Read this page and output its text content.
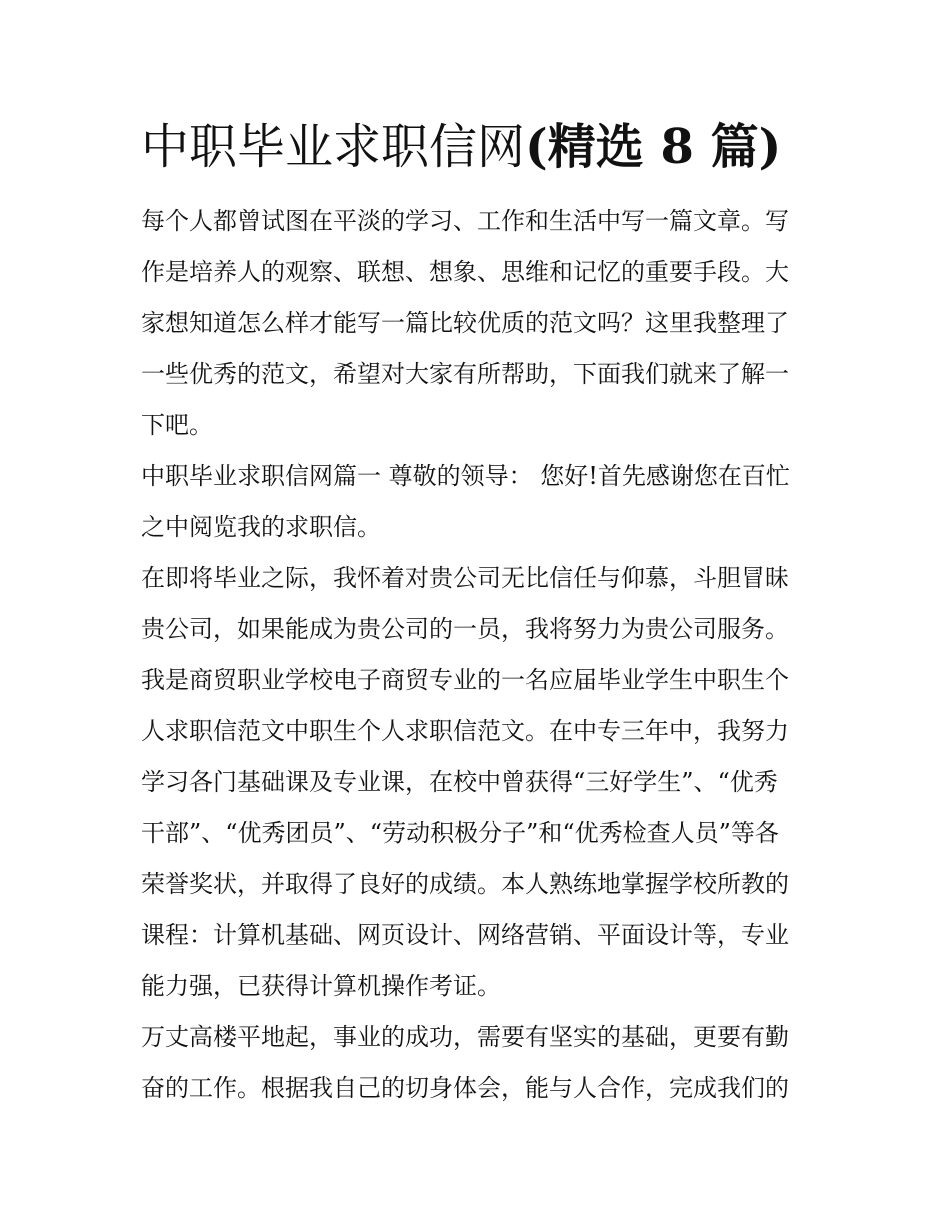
中职毕业求职信网(精选 8 篇)

每个人都曾试图在平淡的学习、工作和生活中写一篇文章。写
作是培养人的观察、联想、想象、思维和记忆的重要手段。大
家想知道怎么样才能写一篇比较优质的范文吗？这里我整理了
一些优秀的范文，希望对大家有所帮助，下面我们就来了解一
下吧。

中职毕业求职信网篇一 尊敬的领导： 您好!首先感谢您在百忙
之中阅览我的求职信。

在即将毕业之际，我怀着对贵公司无比信任与仰慕，斗胆冒昧
贵公司，如果能成为贵公司的一员，我将努力为贵公司服务。
我是商贸职业学校电子商贸专业的一名应届毕业学生中职生个
人求职信范文中职生个人求职信范文。在中专三年中，我努力
学习各门基础课及专业课，在校中曾获得“三好学生”、“优秀
干部”、“优秀团员”、“劳动积极分子”和“优秀检查人员”等各
荣誉奖状，并取得了良好的成绩。本人熟练地掌握学校所教的
课程：计算机基础、网页设计、网络营销、平面设计等，专业
能力强，已获得计算机操作考证。

万丈高楼平地起，事业的成功，需要有坚实的基础，更要有勤
奋的工作。根据我自己的切身体会，能与人合作，完成我们的
